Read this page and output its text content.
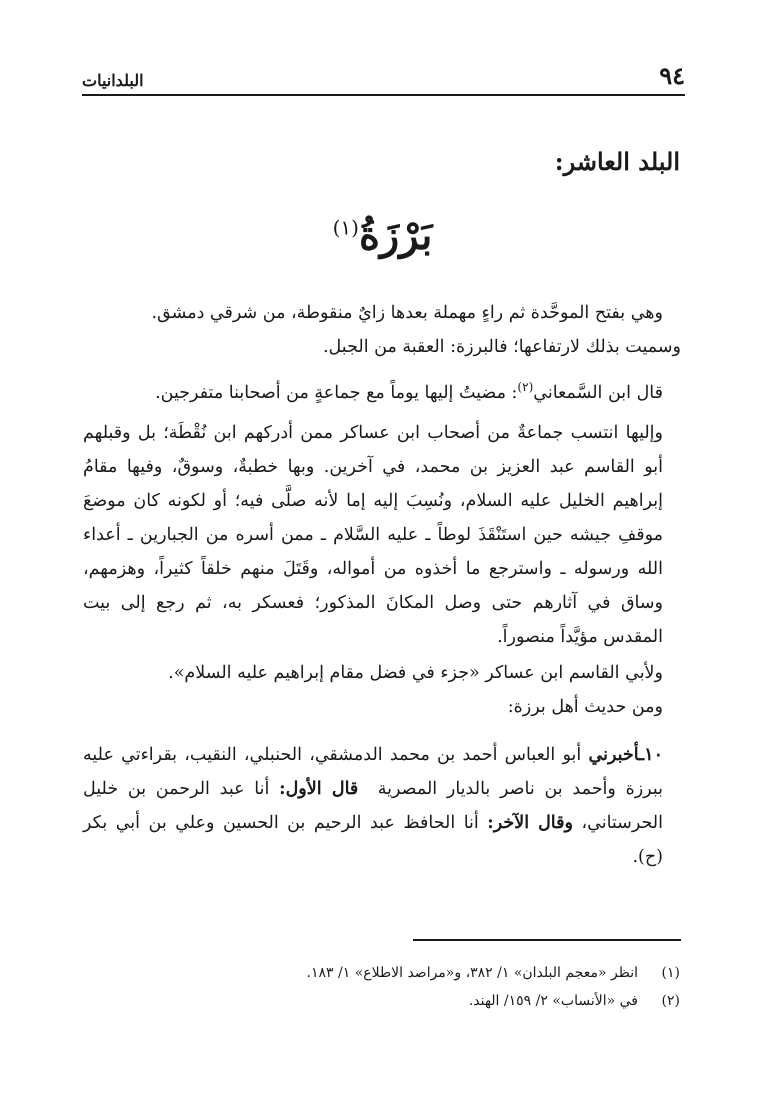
٩٤
البلدانيات
البلد العاشر:
بَرْزَةُ$^{(١)}$

وهي بفتح الموحَّدة ثم راءٍ مهملة بعدها زايٌ منقوطة، من شرقي دمشق.

وسميت بذلك لارتفاعها؛ فالبرزة: العقبة من الجبل.

قال ابن السَّمعاني$^{(٢)}$: مضيتُ إليها يوماً مع جماعةٍ من أصحابنا متفرجين.

وإليها انتسب جماعةٌ من أصحاب ابن عساكر ممن أدركهم ابن نُقْطَة؛ بل وقبلهم أبو القاسم عبد العزيز بن محمد، في آخرين. وبها خطبةٌ، وسوقٌ، وفيها مقامُ إبراهيم الخليل عليه السلام، ونُسِبَ إليه إما لأنه صلَّى فيه؛ أو لكونه كان موضعَ موقفِ جيشه حين استَنْقَذَ لوطاً ـ عليه السَّلام ـ ممن أسره من الجبارين ـ أعداء الله ورسوله ـ واسترجع ما أخذوه من أمواله، وقَتَلَ منهم خلقاً كثيراً، وهزمهم، وساق في آثارهم حتى وصل المكانَ المذكور؛ فعسكر به، ثم رجع إلى بيت المقدس مؤيَّداً منصوراً.

ولأبي القاسم ابن عساكر «جزء في فضل مقام إبراهيم عليه السلام».

ومن حديث أهل برزة:

١٠ـأخبرني أبو العباس أحمد بن محمد الدمشقي، الحنبلي، النقيب، بقراءتي عليه ببرزة وأحمد بن ناصر بالديار المصرية  قال الأول: أنا عبد الرحمن بن خليل الحرستاني، وقال الآخر: أنا الحافظ عبد الرحيم بن الحسين وعلي بن أبي بكر (ح).

(١)انظر «معجم البلدان» ١/ ٣٨٢، و«مراصد الاطلاع» ١/ ١٨٣.
(٢)في «الأنساب» ٢/ ١٥٩/ الهند.
